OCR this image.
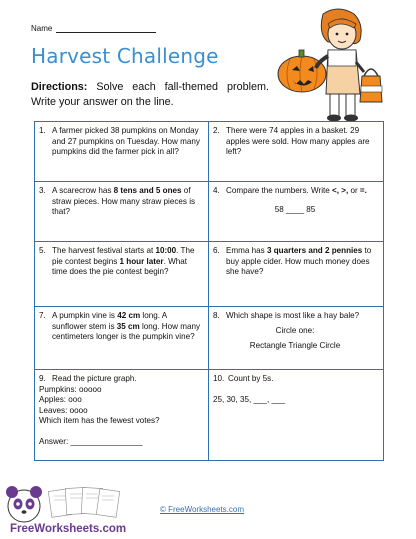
Name
Harvest Challenge
Directions: Solve each fall-themed problem. Write your answer on the line.
1. A farmer picked 38 pumpkins on Monday and 27 pumpkins on Tuesday. How many pumpkins did the farmer pick in all?
2. There were 74 apples in a basket. 29 apples were sold. How many apples are left?
3. A scarecrow has 8 tens and 5 ones of straw pieces. How many straw pieces is that?
4. Compare the numbers. Write <, >, or =.
58 ____ 85
5. The harvest festival starts at 10:00. The pie contest begins 1 hour later. What time does the pie contest begin?
6. Emma has 3 quarters and 2 pennies to buy apple cider. How much money does she have?
7. A pumpkin vine is 42 cm long. A sunflower stem is 35 cm long. How many centimeters longer is the pumpkin vine?
8. Which shape is most like a hay bale?
Circle one:
Rectangle Triangle Circle
9. Read the picture graph.
Pumpkins: ooooo
Apples: ooo
Leaves: oooo
Which item has the fewest votes?
Answer: ________________
10. Count by 5s.
25, 30, 35, ___, ___
FreeWorksheets.com
© FreeWorksheets.com
